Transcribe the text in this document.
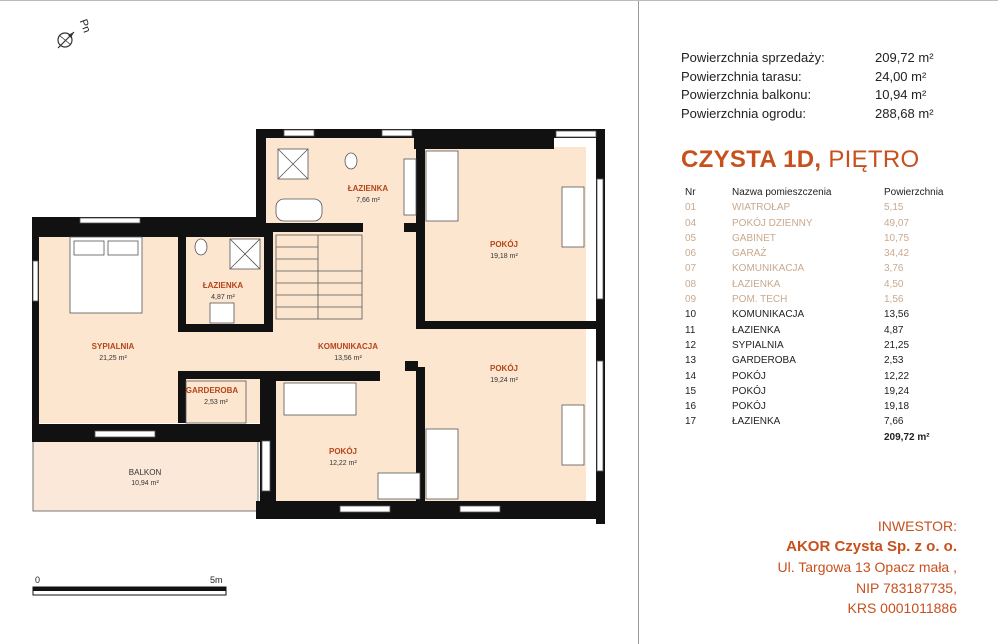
Pn
ŁAZIENKA
7,66 m²
ŁAZIENKA
4,87 m²
POKÓJ
19,18 m²
SYPIALNIA
21,25 m²
KOMUNIKACJA
13,56 m²
POKÓJ
19,24 m²
GARDEROBA
2,53 m²
BALKON
10,94 m²
POKÓJ
12,22 m²
0	5m
Powierzchnia sprzedaży:	209,72 m²
Powierzchnia tarasu:	24,00 m²
Powierzchnia balkonu:	10,94 m²
Powierzchnia ogrodu:	288,68 m²
CZYSTA 1D, PIĘTRO
Nr	Nazwa pomieszczenia	Powierzchnia
01	WIATROŁAP	5,15
04	POKÓJ DZIENNY	49,07
05	GABINET	10,75
06	GARAŻ	34,42
07	KOMUNIKACJA	3,76
08	ŁAZIENKA	4,50
09	POM. TECH	1,56
10	KOMUNIKACJA	13,56
11	ŁAZIENKA	4,87
12	SYPIALNIA	21,25
13	GARDEROBA	2,53
14	POKÓJ	12,22
15	POKÓJ	19,24
16	POKÓJ	19,18
17	ŁAZIENKA	7,66
209,72 m²
INWESTOR:
AKOR Czysta Sp. z o. o.
Ul. Targowa 13 Opacz mała ,
NIP 783187735,
KRS 0001011886
